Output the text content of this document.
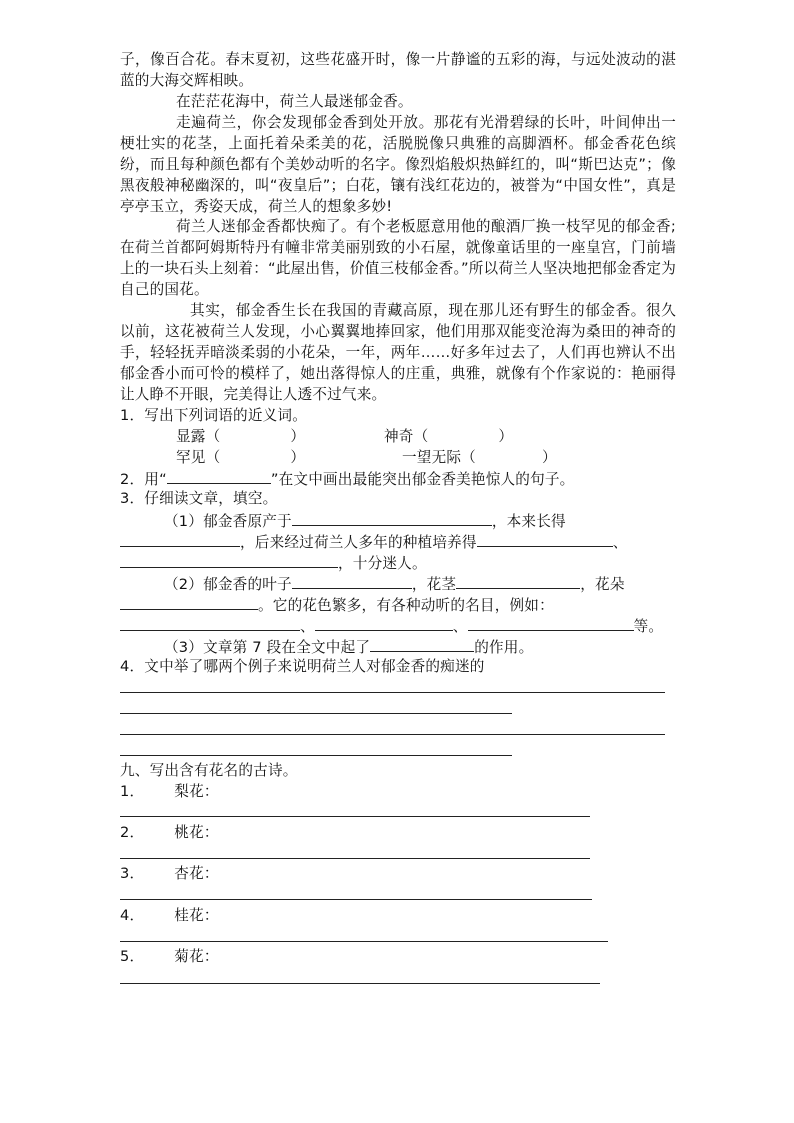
子，像百合花。春末夏初，这些花盛开时，像一片静谧的五彩的海，与远处波动的湛蓝的大海交辉相映。

在茫茫花海中，荷兰人最迷郁金香。

走遍荷兰，你会发现郁金香到处开放。那花有光滑碧绿的长叶，叶间伸出一梗壮实的花茎，上面托着朵柔美的花，活脱脱像只典雅的高脚酒杯。郁金香花色缤纷，而且每种颜色都有个美妙动听的名字。像烈焰般炽热鲜红的，叫“斯巴达克”；像黑夜般神秘幽深的，叫“夜皇后”；白花，镶有浅红花边的，被誉为“中国女性”，真是亭亭玉立，秀姿天成，荷兰人的想象多妙!

荷兰人迷郁金香都快痴了。有个老板愿意用他的酿酒厂换一枝罕见的郁金香;在荷兰首都阿姆斯特丹有幢非常美丽别致的小石屋，就像童话里的一座皇宫，门前墙上的一块石头上刻着：“此屋出售，价值三枝郁金香。”所以荷兰人坚决地把郁金香定为自己的国花。

其实，郁金香生长在我国的青藏高原，现在那儿还有野生的郁金香。很久以前，这花被荷兰人发现，小心翼翼地捧回家，他们用那双能变沧海为桑田的神奇的手，轻轻抚弄暗淡柔弱的小花朵，一年，两年……好多年过去了，人们再也辨认不出郁金香小而可怜的模样了，她出落得惊人的庄重，典雅，就像有个作家说的：艳丽得让人睁不开眼，完美得让人透不过气来。

1．写出下列词语的近义词。
显露（	）	神奇（	）
罕见（	）	一望无际（	）
2．用“	”在文中画出最能突出郁金香美艳惊人的句子。
3．仔细读文章，填空。
（1）郁金香原产于	，本来长得
，后来经过荷兰人多年的种植培养得	、
，十分迷人。
（2）郁金香的叶子	，花茎	，花朵
。它的花色繁多，有各种动听的名目，例如：
、	、	等。
（3）文章第 7 段在全文中起了	的作用。
4．文中举了哪两个例子来说明荷兰人对郁金香的痴迷的
九、写出含有花名的古诗。
1． 梨花：
2． 桃花：
3． 杏花：
4． 桂花：
5． 菊花：
